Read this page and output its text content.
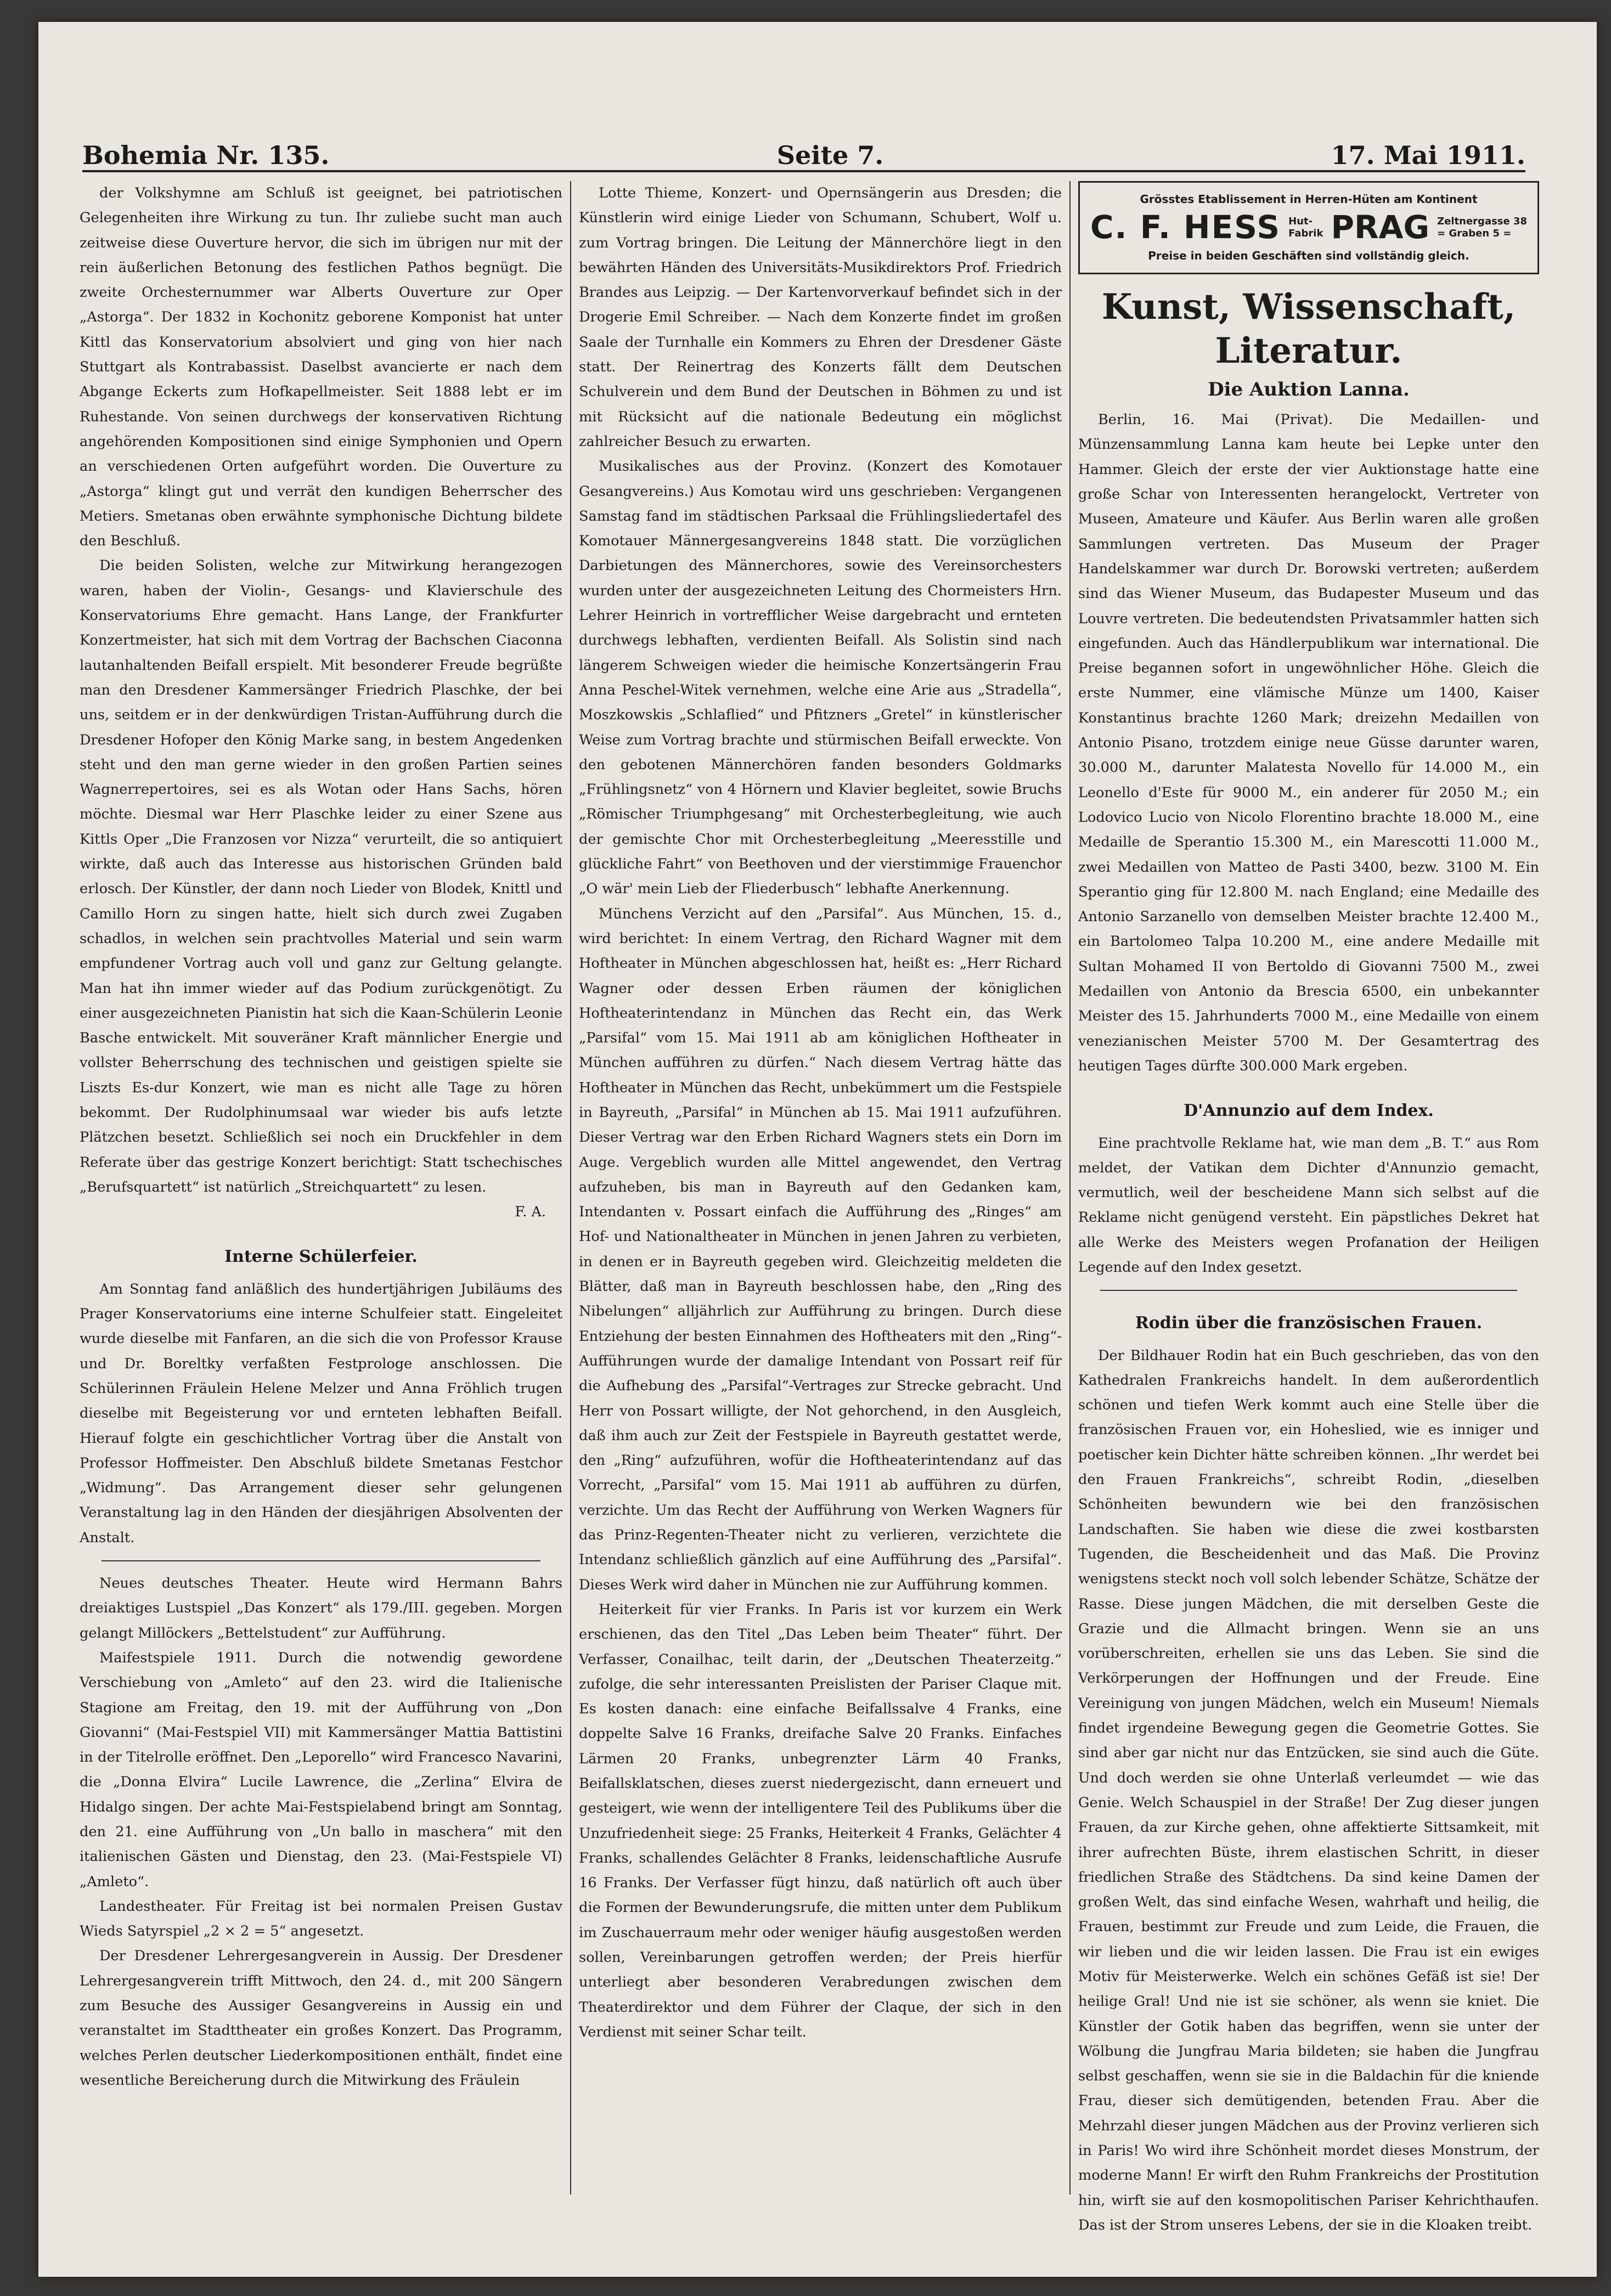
Bohemia Nr. 135.	Seite 7.	17. Mai 1911.

der Volkshymne am Schluß ist geeignet, bei patriotischen Gelegenheiten ihre Wirkung zu tun. Ihr zuliebe sucht man auch zeitweise diese Ouverture hervor, die sich im übrigen nur mit der rein äußerlichen Betonung des festlichen Pathos begnügt. Die zweite Orchesternummer war Alberts Ouverture zur Oper „Astorga“. Der 1832 in Kochonitz geborene Komponist hat unter Kittl das Konservatorium absolviert und ging von hier nach Stuttgart als Kontrabassist. Daselbst avancierte er nach dem Abgange Eckerts zum Hofkapellmeister. Seit 1888 lebt er im Ruhestande. Von seinen durchwegs der konservativen Richtung angehörenden Kompositionen sind einige Symphonien und Opern an verschiedenen Orten aufgeführt worden. Die Ouverture zu „Astorga“ klingt gut und verrät den kundigen Beherrscher des Metiers. Smetanas oben erwähnte symphonische Dichtung bildete den Beschluß.

Die beiden Solisten, welche zur Mitwirkung herangezogen waren, haben der Violin-, Gesangs- und Klavierschule des Konservatoriums Ehre gemacht. Hans Lange, der Frankfurter Konzertmeister, hat sich mit dem Vortrag der Bachschen Ciaconna lautanhaltenden Beifall erspielt. Mit besonderer Freude begrüßte man den Dresdener Kammersänger Friedrich Plaschke, der bei uns, seitdem er in der denkwürdigen Tristan-Aufführung durch die Dresdener Hofoper den König Marke sang, in bestem Angedenken steht und den man gerne wieder in den großen Partien seines Wagnerrepertoires, sei es als Wotan oder Hans Sachs, hören möchte. Diesmal war Herr Plaschke leider zu einer Szene aus Kittls Oper „Die Franzosen vor Nizza“ verurteilt, die so antiquiert wirkte, daß auch das Interesse aus historischen Gründen bald erlosch. Der Künstler, der dann noch Lieder von Blodek, Knittl und Camillo Horn zu singen hatte, hielt sich durch zwei Zugaben schadlos, in welchen sein prachtvolles Material und sein warm empfundener Vortrag auch voll und ganz zur Geltung gelangte. Man hat ihn immer wieder auf das Podium zurückgenötigt. Zu einer ausgezeichneten Pianistin hat sich die Kaan-Schülerin Leonie Basche entwickelt. Mit souveräner Kraft männlicher Energie und vollster Beherrschung des technischen und geistigen spielte sie Liszts Es-dur Konzert, wie man es nicht alle Tage zu hören bekommt. Der Rudolphinumsaal war wieder bis aufs letzte Plätzchen besetzt. Schließlich sei noch ein Druckfehler in dem Referate über das gestrige Konzert berichtigt: Statt tschechisches „Berufsquartett“ ist natürlich „Streichquartett“ zu lesen.

F. A.

Interne Schülerfeier.

Am Sonntag fand anläßlich des hundertjährigen Jubiläums des Prager Konservatoriums eine interne Schulfeier statt. Eingeleitet wurde dieselbe mit Fanfaren, an die sich die von Professor Krause und Dr. Boreltky verfaßten Festprologe anschlossen. Die Schülerinnen Fräulein Helene Melzer und Anna Fröhlich trugen dieselbe mit Begeisterung vor und ernteten lebhaften Beifall. Hierauf folgte ein geschichtlicher Vortrag über die Anstalt von Professor Hoffmeister. Den Abschluß bildete Smetanas Festchor „Widmung“. Das Arrangement dieser sehr gelungenen Veranstaltung lag in den Händen der diesjährigen Absolventen der Anstalt.

Neues deutsches Theater. Heute wird Hermann Bahrs dreiaktiges Lustspiel „Das Konzert“ als 179./III. gegeben. Morgen gelangt Millöckers „Bettelstudent“ zur Aufführung.

Maifestspiele 1911. Durch die notwendig gewordene Verschiebung von „Amleto“ auf den 23. wird die Italienische Stagione am Freitag, den 19. mit der Aufführung von „Don Giovanni“ (Mai-Festspiel VII) mit Kammersänger Mattia Battistini in der Titelrolle eröffnet. Den „Leporello“ wird Francesco Navarini, die „Donna Elvira“ Lucile Lawrence, die „Zerlina“ Elvira de Hidalgo singen. Der achte Mai-Festspielabend bringt am Sonntag, den 21. eine Aufführung von „Un ballo in maschera“ mit den italienischen Gästen und Dienstag, den 23. (Mai-Festspiele VI) „Amleto“.

Landestheater. Für Freitag ist bei normalen Preisen Gustav Wieds Satyrspiel „2 × 2 = 5“ angesetzt.

Der Dresdener Lehrergesangverein in Aussig. Der Dresdener Lehrergesangverein trifft Mittwoch, den 24. d., mit 200 Sängern zum Besuche des Aussiger Gesangvereins in Aussig ein und veranstaltet im Stadttheater ein großes Konzert. Das Programm, welches Perlen deutscher Liederkompositionen enthält, findet eine wesentliche Bereicherung durch die Mitwirkung des Fräulein

Lotte Thieme, Konzert- und Opernsängerin aus Dresden; die Künstlerin wird einige Lieder von Schumann, Schubert, Wolf u. zum Vortrag bringen. Die Leitung der Männerchöre liegt in den bewährten Händen des Universitäts-Musikdirektors Prof. Friedrich Brandes aus Leipzig. — Der Kartenvorverkauf befindet sich in der Drogerie Emil Schreiber. — Nach dem Konzerte findet im großen Saale der Turnhalle ein Kommers zu Ehren der Dresdener Gäste statt. Der Reinertrag des Konzerts fällt dem Deutschen Schulverein und dem Bund der Deutschen in Böhmen zu und ist mit Rücksicht auf die nationale Bedeutung ein möglichst zahlreicher Besuch zu erwarten.

Musikalisches aus der Provinz. (Konzert des Komotauer Gesangvereins.) Aus Komotau wird uns geschrieben: Vergangenen Samstag fand im städtischen Parksaal die Frühlingsliedertafel des Komotauer Männergesangvereins 1848 statt. Die vorzüglichen Darbietungen des Männerchores, sowie des Vereinsorchesters wurden unter der ausgezeichneten Leitung des Chormeisters Hrn. Lehrer Heinrich in vortrefflicher Weise dargebracht und ernteten durchwegs lebhaften, verdienten Beifall. Als Solistin sind nach längerem Schweigen wieder die heimische Konzertsängerin Frau Anna Peschel-Witek vernehmen, welche eine Arie aus „Stradella“, Moszkowskis „Schlaflied“ und Pfitzners „Gretel“ in künstlerischer Weise zum Vortrag brachte und stürmischen Beifall erweckte. Von den gebotenen Männerchören fanden besonders Goldmarks „Frühlingsnetz“ von 4 Hörnern und Klavier begleitet, sowie Bruchs „Römischer Triumphgesang“ mit Orchesterbegleitung, wie auch der gemischte Chor mit Orchesterbegleitung „Meeresstille und glückliche Fahrt“ von Beethoven und der vierstimmige Frauenchor „O wär' mein Lieb der Fliederbusch“ lebhafte Anerkennung.

Münchens Verzicht auf den „Parsifal“. Aus München, 15. d., wird berichtet: In einem Vertrag, den Richard Wagner mit dem Hoftheater in München abgeschlossen hat, heißt es: „Herr Richard Wagner oder dessen Erben räumen der königlichen Hoftheaterintendanz in München das Recht ein, das Werk „Parsifal“ vom 15. Mai 1911 ab am königlichen Hoftheater in München aufführen zu dürfen.“ Nach diesem Vertrag hätte das Hoftheater in München das Recht, unbekümmert um die Festspiele in Bayreuth, „Parsifal“ in München ab 15. Mai 1911 aufzuführen. Dieser Vertrag war den Erben Richard Wagners stets ein Dorn im Auge. Vergeblich wurden alle Mittel angewendet, den Vertrag aufzuheben, bis man in Bayreuth auf den Gedanken kam, Intendanten v. Possart einfach die Aufführung des „Ringes“ am Hof- und Nationaltheater in München in jenen Jahren zu verbieten, in denen er in Bayreuth gegeben wird. Gleichzeitig meldeten die Blätter, daß man in Bayreuth beschlossen habe, den „Ring des Nibelungen“ alljährlich zur Aufführung zu bringen. Durch diese Entziehung der besten Einnahmen des Hoftheaters mit den „Ring“-Aufführungen wurde der damalige Intendant von Possart reif für die Aufhebung des „Parsifal“-Vertrages zur Strecke gebracht. Und Herr von Possart willigte, der Not gehorchend, in den Ausgleich, daß ihm auch zur Zeit der Festspiele in Bayreuth gestattet werde, den „Ring“ aufzuführen, wofür die Hoftheaterintendanz auf das Vorrecht, „Parsifal“ vom 15. Mai 1911 ab aufführen zu dürfen, verzichte. Um das Recht der Aufführung von Werken Wagners für das Prinz-Regenten-Theater nicht zu verlieren, verzichtete die Intendanz schließlich gänzlich auf eine Aufführung des „Parsifal“. Dieses Werk wird daher in München nie zur Aufführung kommen.

Heiterkeit für vier Franks. In Paris ist vor kurzem ein Werk erschienen, das den Titel „Das Leben beim Theater“ führt. Der Verfasser, Conailhac, teilt darin, der „Deutschen Theaterzeitg.“ zufolge, die sehr interessanten Preislisten der Pariser Claque mit. Es kosten danach: eine einfache Beifallssalve 4 Franks, eine doppelte Salve 16 Franks, dreifache Salve 20 Franks. Einfaches Lärmen 20 Franks, unbegrenzter Lärm 40 Franks, Beifallsklatschen, dieses zuerst niedergezischt, dann erneuert und gesteigert, wie wenn der intelligentere Teil des Publikums über die Unzufriedenheit siege: 25 Franks, Heiterkeit 4 Franks, Gelächter 4 Franks, schallendes Gelächter 8 Franks, leidenschaftliche Ausrufe 16 Franks. Der Verfasser fügt hinzu, daß natürlich oft auch über die Formen der Bewunderungsrufe, die mitten unter dem Publikum im Zuschauerraum mehr oder weniger häufig ausgestoßen werden sollen, Vereinbarungen getroffen werden; der Preis hierfür unterliegt aber besonderen Verabredungen zwischen dem Theaterdirektor und dem Führer der Claque, der sich in den Verdienst mit seiner Schar teilt.

Grösstes Etablissement in Herren-Hüten am Kontinent
C. F. HESS Hut-
Fabrik PRAG Zeltnergasse 38
= Graben 5 =
Preise in beiden Geschäften sind vollständig gleich.
Kunst, Wissenschaft, Literatur.
Die Auktion Lanna.

Berlin, 16. Mai (Privat). Die Medaillen- und Münzensammlung Lanna kam heute bei Lepke unter den Hammer. Gleich der erste der vier Auktionstage hatte eine große Schar von Interessenten herangelockt, Vertreter von Museen, Amateure und Käufer. Aus Berlin waren alle großen Sammlungen vertreten. Das Museum der Prager Handelskammer war durch Dr. Borowski vertreten; außerdem sind das Wiener Museum, das Budapester Museum und das Louvre vertreten. Die bedeutendsten Privatsammler hatten sich eingefunden. Auch das Händlerpublikum war international. Die Preise begannen sofort in ungewöhnlicher Höhe. Gleich die erste Nummer, eine vlämische Münze um 1400, Kaiser Konstantinus brachte 1260 Mark; dreizehn Medaillen von Antonio Pisano, trotzdem einige neue Güsse darunter waren, 30.000 M., darunter Malatesta Novello für 14.000 M., ein Leonello d'Este für 9000 M., ein anderer für 2050 M.; ein Lodovico Lucio von Nicolo Florentino brachte 18.000 M., eine Medaille de Sperantio 15.300 M., ein Marescotti 11.000 M., zwei Medaillen von Matteo de Pasti 3400, bezw. 3100 M. Ein Sperantio ging für 12.800 M. nach England; eine Medaille des Antonio Sarzanello von demselben Meister brachte 12.400 M., ein Bartolomeo Talpa 10.200 M., eine andere Medaille mit Sultan Mohamed II von Bertoldo di Giovanni 7500 M., zwei Medaillen von Antonio da Brescia 6500, ein unbekannter Meister des 15. Jahrhunderts 7000 M., eine Medaille von einem venezianischen Meister 5700 M. Der Gesamtertrag des heutigen Tages dürfte 300.000 Mark ergeben.

D'Annunzio auf dem Index.

Eine prachtvolle Reklame hat, wie man dem „B. T.“ aus Rom meldet, der Vatikan dem Dichter d'Annunzio gemacht, vermutlich, weil der bescheidene Mann sich selbst auf die Reklame nicht genügend versteht. Ein päpstliches Dekret hat alle Werke des Meisters wegen Profanation der Heiligen Legende auf den Index gesetzt.

Rodin über die französischen Frauen.

Der Bildhauer Rodin hat ein Buch geschrieben, das von den Kathedralen Frankreichs handelt. In dem außerordentlich schönen und tiefen Werk kommt auch eine Stelle über die französischen Frauen vor, ein Hoheslied, wie es inniger und poetischer kein Dichter hätte schreiben können. „Ihr werdet bei den Frauen Frankreichs“, schreibt Rodin, „dieselben Schönheiten bewundern wie bei den französischen Landschaften. Sie haben wie diese die zwei kostbarsten Tugenden, die Bescheidenheit und das Maß. Die Provinz wenigstens steckt noch voll solch lebender Schätze, Schätze der Rasse. Diese jungen Mädchen, die mit derselben Geste die Grazie und die Allmacht bringen. Wenn sie an uns vorüberschreiten, erhellen sie uns das Leben. Sie sind die Verkörperungen der Hoffnungen und der Freude. Eine Vereinigung von jungen Mädchen, welch ein Museum! Niemals findet irgendeine Bewegung gegen die Geometrie Gottes. Sie sind aber gar nicht nur das Entzücken, sie sind auch die Güte. Und doch werden sie ohne Unterlaß verleumdet — wie das Genie. Welch Schauspiel in der Straße! Der Zug dieser jungen Frauen, da zur Kirche gehen, ohne affektierte Sittsamkeit, mit ihrer aufrechten Büste, ihrem elastischen Schritt, in dieser friedlichen Straße des Städtchens. Da sind keine Damen der großen Welt, das sind einfache Wesen, wahrhaft und heilig, die Frauen, bestimmt zur Freude und zum Leide, die Frauen, die wir lieben und die wir leiden lassen. Die Frau ist ein ewiges Motiv für Meisterwerke. Welch ein schönes Gefäß ist sie! Der heilige Gral! Und nie ist sie schöner, als wenn sie kniet. Die Künstler der Gotik haben das begriffen, wenn sie unter der Wölbung die Jungfrau Maria bildeten; sie haben die Jungfrau selbst geschaffen, wenn sie sie in die Baldachin für die kniende Frau, dieser sich demütigenden, betenden Frau. Aber die Mehrzahl dieser jungen Mädchen aus der Provinz verlieren sich in Paris! Wo wird ihre Schönheit mordet dieses Monstrum, der moderne Mann! Er wirft den Ruhm Frankreichs der Prostitution hin, wirft sie auf den kosmopolitischen Pariser Kehrichthaufen. Das ist der Strom unseres Lebens, der sie in die Kloaken treibt.
